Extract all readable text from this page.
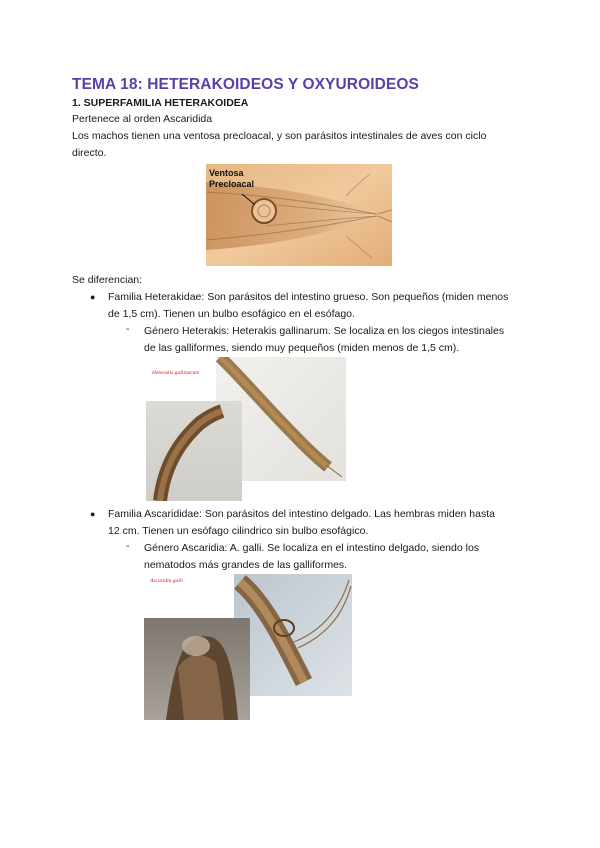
TEMA 18: HETERAKOIDEOS Y OXYUROIDEOS
1. SUPERFAMILIA HETERAKOIDEA

Pertenece al orden Ascaridida

Los machos tienen una ventosa precloacal, y son parásitos intestinales de aves con ciclo

directo.

Ventosa
Precloacal

Se diferencian:

● Familia Heterakidae: Son parásitos del intestino grueso. Son pequeños (miden menos

de 1,5 cm). Tienen un bulbo esofágico en el esófago.

- Género Heterakis: Heterakis gallinarum. Se localiza en los ciegos intestinales

de las galliformes, siendo muy pequeños (miden menos de 1,5 cm).

Heterakis gallinarum
● Familia Ascarididae: Son parásitos del intestino delgado. Las hembras miden hasta

12 cm. Tienen un esófago cilindrico sin bulbo esofágico.

- Género Ascaridia: A. galli. Se localiza en el intestino delgado, siendo los

nematodos más grandes de las galliformes.

Ascaridia galli
